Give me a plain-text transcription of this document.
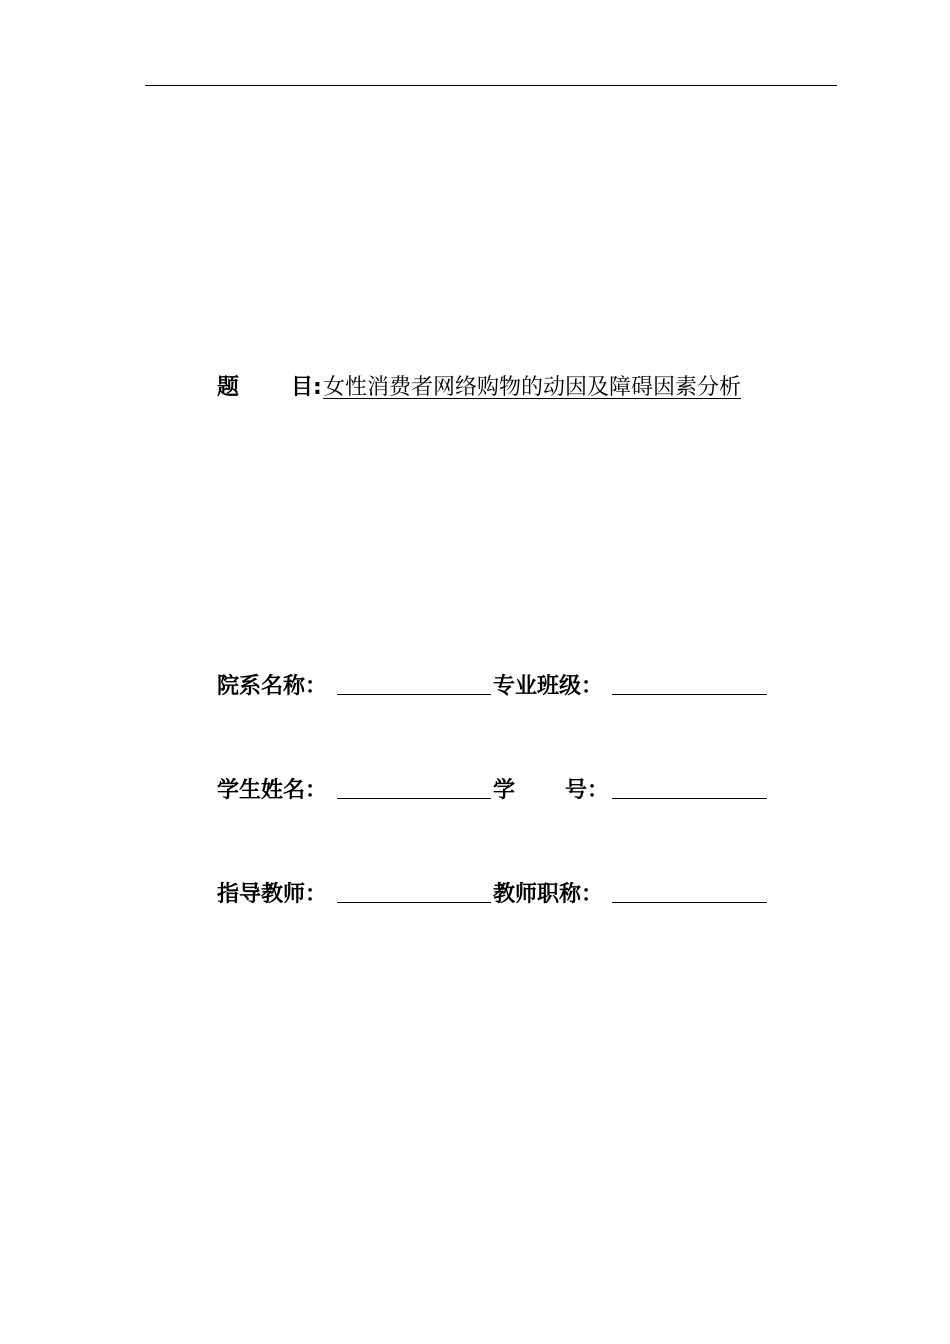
题 目: 女性消费者网络购物的动因及障碍因素分析
院系名称：	专业班级：
学生姓名：	学 号：
指导教师：	教师职称：
